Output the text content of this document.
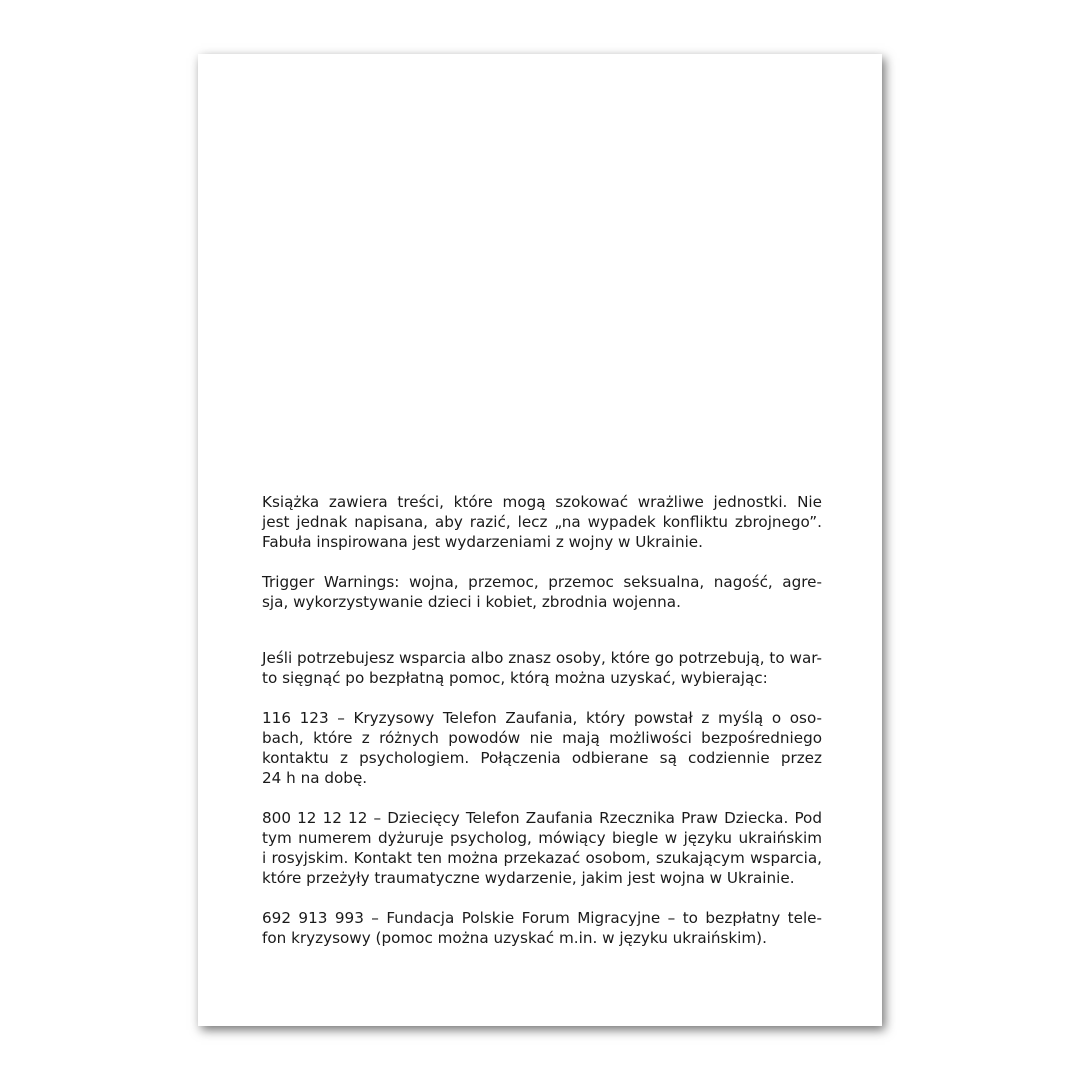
Książka zawiera treści, które mogą szokować wrażliwe jednostki. Nie
jest jednak napisana, aby razić, lecz „na wypadek konfliktu zbrojnego”.
Fabuła inspirowana jest wydarzeniami z wojny w Ukrainie.

Trigger Warnings: wojna, przemoc, przemoc seksualna, nagość, agre-
sja, wykorzystywanie dzieci i kobiet, zbrodnia wojenna.

Jeśli potrzebujesz wsparcia albo znasz osoby, które go potrzebują, to war-
to sięgnąć po bezpłatną pomoc, którą można uzyskać, wybierając:

116 123 – Kryzysowy Telefon Zaufania, który powstał z myślą o oso-
bach, które z różnych powodów nie mają możliwości bezpośredniego
kontaktu z psychologiem. Połączenia odbierane są codziennie przez
24 h na dobę.

800 12 12 12 – Dziecięcy Telefon Zaufania Rzecznika Praw Dziecka. Pod
tym numerem dyżuruje psycholog, mówiący biegle w języku ukraińskim
i rosyjskim. Kontakt ten można przekazać osobom, szukającym wsparcia,
które przeżyły traumatyczne wydarzenie, jakim jest wojna w Ukrainie.

692 913 993 – Fundacja Polskie Forum Migracyjne – to bezpłatny tele-
fon kryzysowy (pomoc można uzyskać m.in. w języku ukraińskim).
